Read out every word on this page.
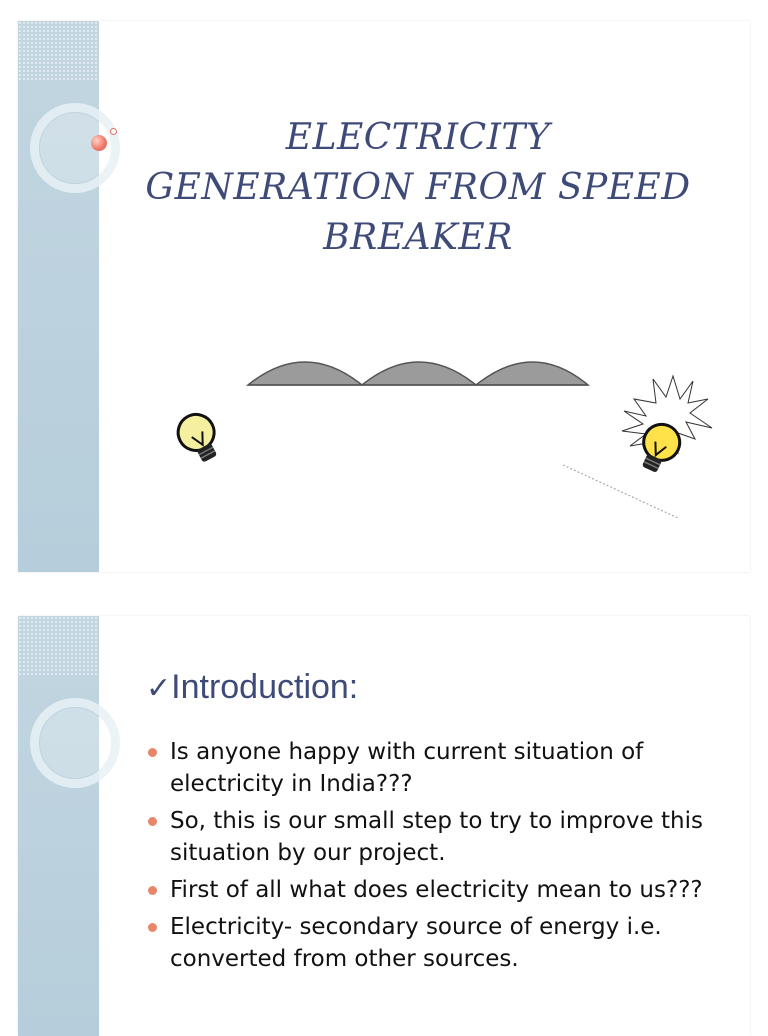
ELECTRICITY
GENERATION FROM SPEED
BREAKER
✓Introduction:
Is anyone happy with current situation of electricity in India???
So, this is our small step to try to improve this situation by our project.
First of all what does electricity mean to us???
Electricity- secondary source of energy i.e. converted from other sources.
